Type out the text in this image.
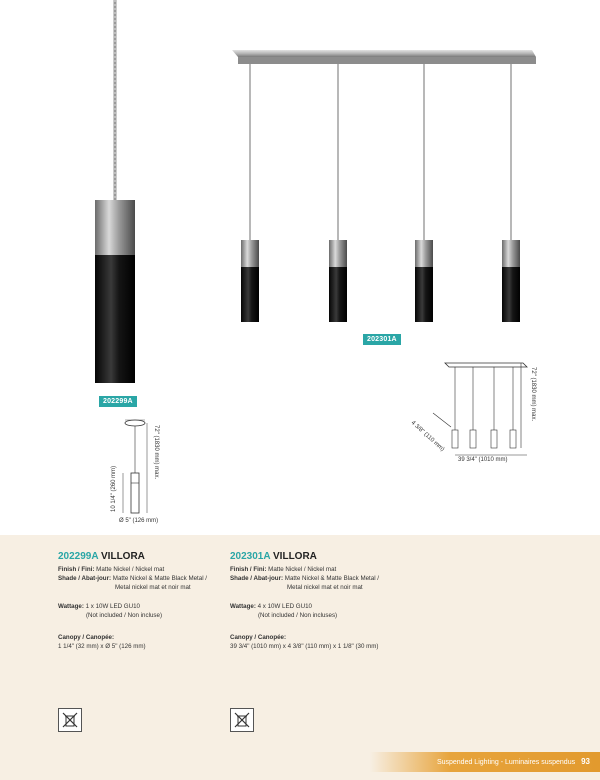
202299A
202301A
72" (1830 mm) max.
10 1/4" (260 mm)
Ø 5" (126 mm)
72" (1830 mm) max.
39 3/4" (1010 mm)
4 3/8" (110 mm)
202299A VILLORA
Finish / Fini: Matte Nickel / Nickel mat
Shade / Abat-jour: Matte Nickel & Matte Black Metal /
Metal nickel mat et noir mat
Wattage: 1 x 10W LED GU10
(Not included / Non incluse)
Canopy / Canopée:
1 1/4" (32 mm) x Ø 5" (126 mm)
202301A VILLORA
Finish / Fini: Matte Nickel / Nickel mat
Shade / Abat-jour: Matte Nickel & Matte Black Metal /
Metal nickel mat et noir mat
Wattage: 4 x 10W LED GU10
(Not included / Non incluses)
Canopy / Canopée:
39 3/4" (1010 mm) x 4 3/8" (110 mm) x 1 1/8" (30 mm)
Suspended Lighting - Luminaires suspendus 93
